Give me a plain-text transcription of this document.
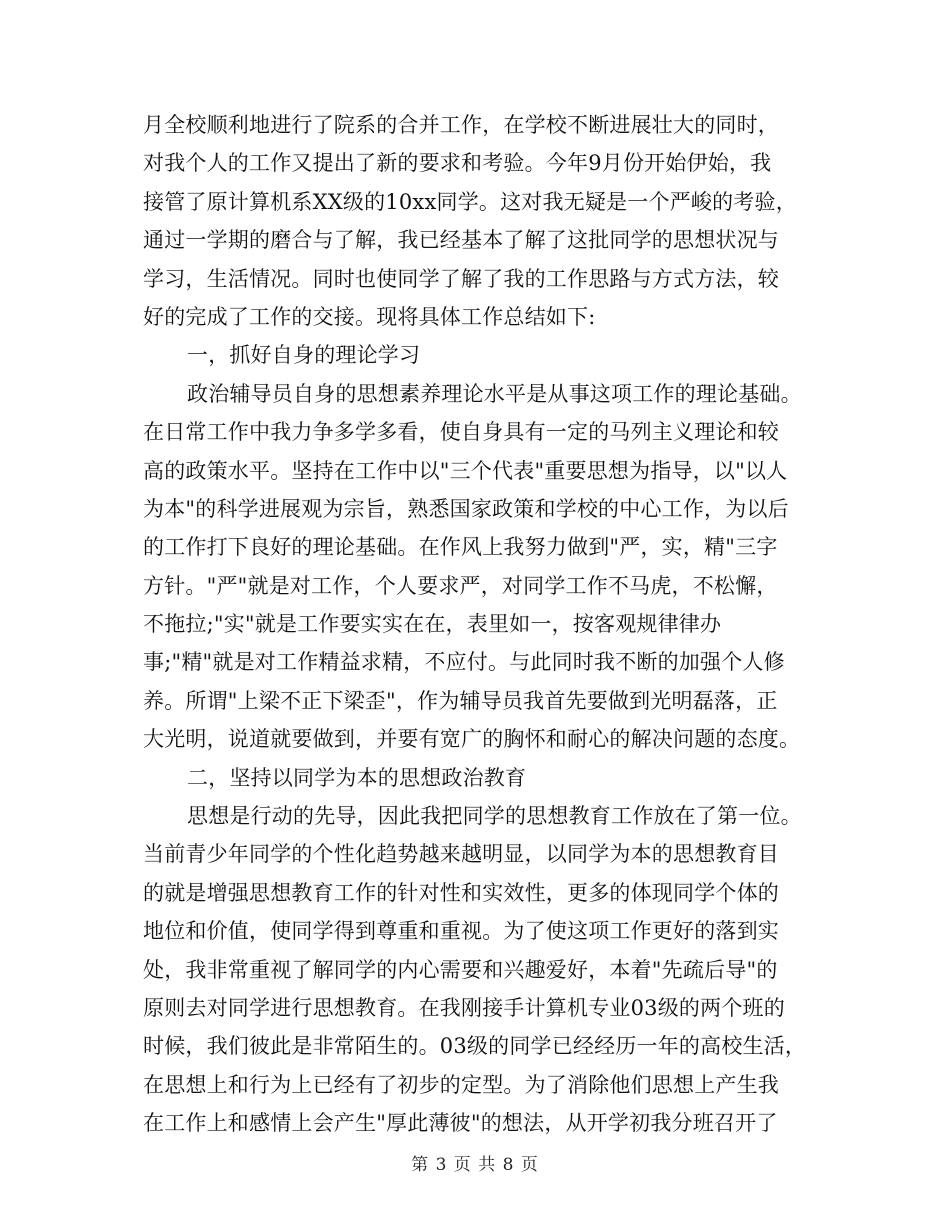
月全校顺利地进行了院系的合并工作，在学校不断进展壮大的同时，
对我个人的工作又提出了新的要求和考验。今年9月份开始伊始，我
接管了原计算机系XX级的10xx同学。这对我无疑是一个严峻的考验，
通过一学期的磨合与了解，我已经基本了解了这批同学的思想状况与
学习，生活情况。同时也使同学了解了我的工作思路与方式方法，较
好的完成了工作的交接。现将具体工作总结如下:
一，抓好自身的理论学习
政治辅导员自身的思想素养理论水平是从事这项工作的理论基础。
在日常工作中我力争多学多看，使自身具有一定的马列主义理论和较
高的政策水平。坚持在工作中以"三个代表"重要思想为指导，以"以人
为本"的科学进展观为宗旨，熟悉国家政策和学校的中心工作，为以后
的工作打下良好的理论基础。在作风上我努力做到"严，实，精"三字
方针。"严"就是对工作，个人要求严，对同学工作不马虎，不松懈，
不拖拉;"实"就是工作要实实在在，表里如一，按客观规律律办
事;"精"就是对工作精益求精，不应付。与此同时我不断的加强个人修
养。所谓"上梁不正下梁歪"，作为辅导员我首先要做到光明磊落，正
大光明，说道就要做到，并要有宽广的胸怀和耐心的解决问题的态度。
二，坚持以同学为本的思想政治教育
思想是行动的先导，因此我把同学的思想教育工作放在了第一位。
当前青少年同学的个性化趋势越来越明显，以同学为本的思想教育目
的就是增强思想教育工作的针对性和实效性，更多的体现同学个体的
地位和价值，使同学得到尊重和重视。为了使这项工作更好的落到实
处，我非常重视了解同学的内心需要和兴趣爱好，本着"先疏后导"的
原则去对同学进行思想教育。在我刚接手计算机专业03级的两个班的
时候，我们彼此是非常陌生的。03级的同学已经经历一年的高校生活，
在思想上和行为上已经有了初步的定型。为了消除他们思想上产生我
在工作上和感情上会产生"厚此薄彼"的想法，从开学初我分班召开了
第 3 页 共 8 页
